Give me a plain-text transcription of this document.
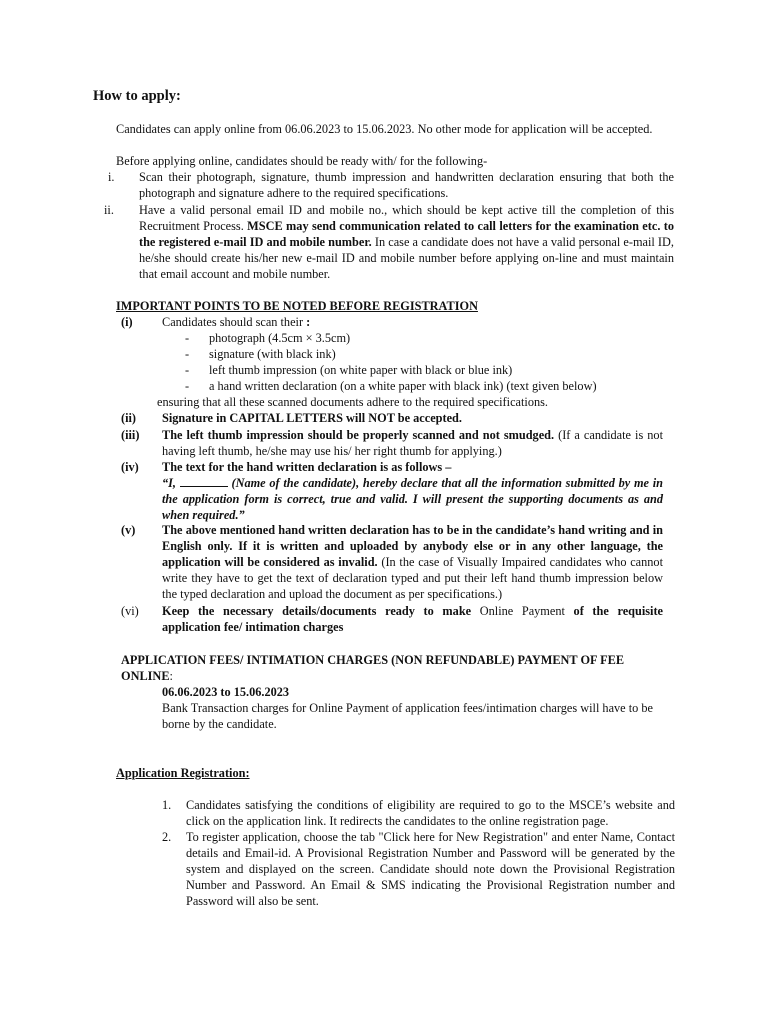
How to apply:
Candidates can apply online from 06.06.2023 to 15.06.2023. No other mode for application will be accepted.
Before applying online, candidates should be ready with/ for the following-
i. Scan their photograph, signature, thumb impression and handwritten declaration ensuring that both the photograph and signature adhere to the required specifications.
ii. Have a valid personal email ID and mobile no., which should be kept active till the completion of this Recruitment Process. MSCE may send communication related to call letters for the examination etc. to the registered e-mail ID and mobile number. In case a candidate does not have a valid personal e-mail ID, he/she should create his/her new e-mail ID and mobile number before applying on-line and must maintain that email account and mobile number.
IMPORTANT POINTS TO BE NOTED BEFORE REGISTRATION
(i) Candidates should scan their :
- photograph (4.5cm × 3.5cm)
- signature (with black ink)
- left thumb impression (on white paper with black or blue ink)
- a hand written declaration (on a white paper with black ink) (text given below)
ensuring that all these scanned documents adhere to the required specifications.
(ii) Signature in CAPITAL LETTERS will NOT be accepted.
(iii) The left thumb impression should be properly scanned and not smudged. (If a candidate is not having left thumb, he/she may use his/ her right thumb for applying.)
(iv) The text for the hand written declaration is as follows –
“I,	(Name of the candidate), hereby declare that all the information submitted by me in the application form is correct, true and valid. I will present the supporting documents as and when required.”
(v) The above mentioned hand written declaration has to be in the candidate’s hand writing and in English only. If it is written and uploaded by anybody else or in any other language, the application will be considered as invalid. (In the case of Visually Impaired candidates who cannot write they have to get the text of declaration typed and put their left hand thumb impression below the typed declaration and upload the document as per specifications.)
(vi) Keep the necessary details/documents ready to make Online Payment of the requisite application fee/ intimation charges
APPLICATION FEES/ INTIMATION CHARGES (NON REFUNDABLE) PAYMENT OF FEE ONLINE:
06.06.2023 to 15.06.2023
Bank Transaction charges for Online Payment of application fees/intimation charges will have to be borne by the candidate.
Application Registration:
1. Candidates satisfying the conditions of eligibility are required to go to the MSCE’s website and click on the application link. It redirects the candidates to the online registration page.
2. To register application, choose the tab "Click here for New Registration" and enter Name, Contact details and Email-id. A Provisional Registration Number and Password will be generated by the system and displayed on the screen. Candidate should note down the Provisional Registration Number and Password. An Email & SMS indicating the Provisional Registration number and Password will also be sent.
